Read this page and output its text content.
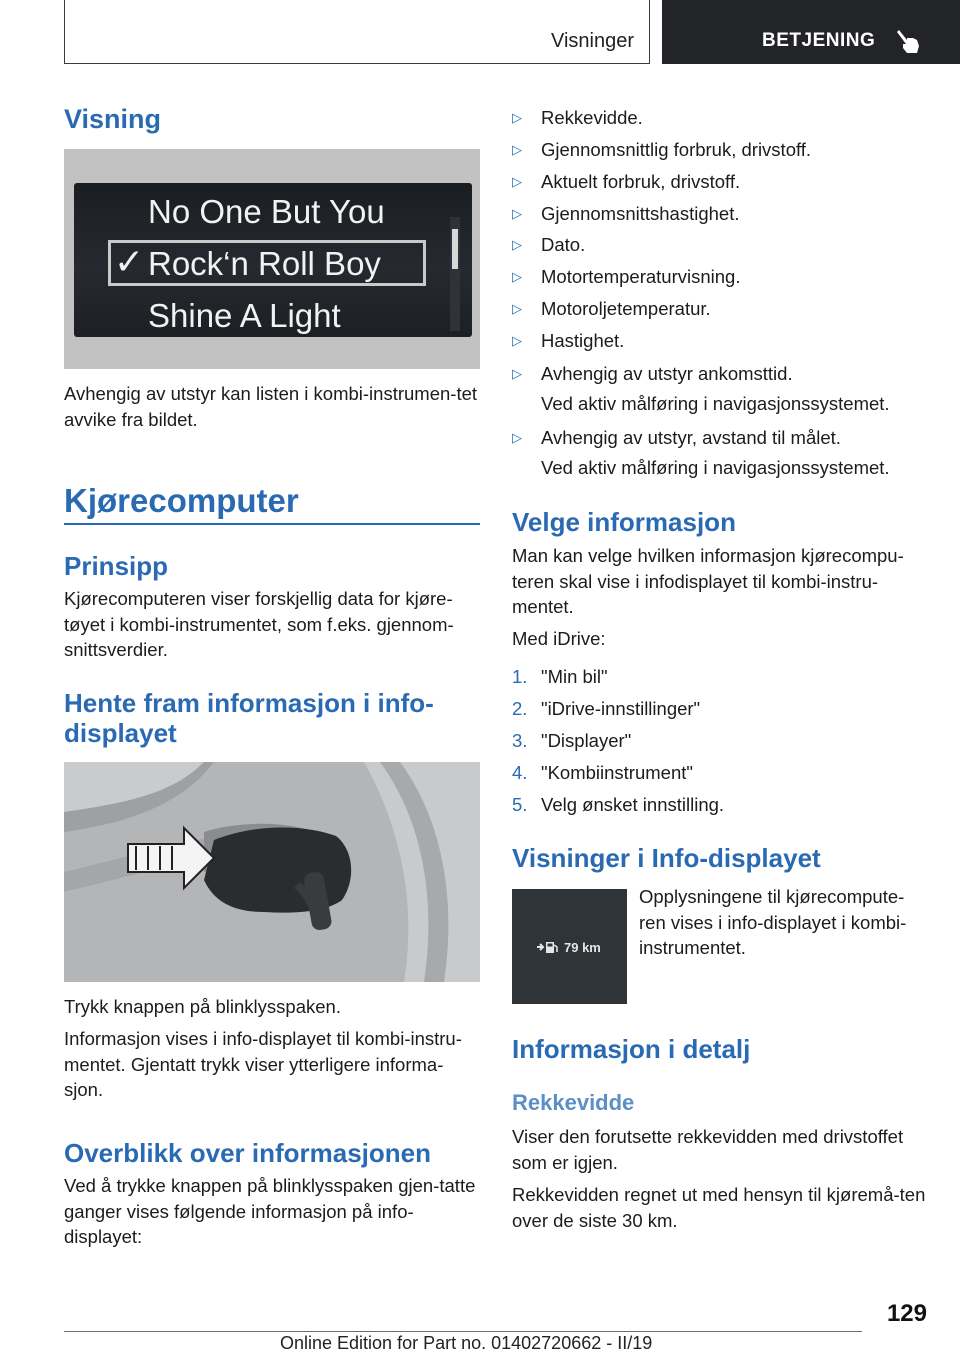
Visninger	BETJENING
Visning
No One But You
✓ Rock‘n Roll Boy
Shine A Light
Avhengig av utstyr kan listen i kombi-instrumen-tet avvike fra bildet.
Kjørecomputer
Prinsipp
Kjørecomputeren viser forskjellig data for kjøre-tøyet i kombi-instrumentet, som f.eks. gjennom-snittsverdier.
Hente fram informasjon i info-displayet
Trykk knappen på blinklysspaken.
Informasjon vises i info-displayet til kombi-instru-mentet. Gjentatt trykk viser ytterligere informa-sjon.
Overblikk over informasjonen
Ved å trykke knappen på blinklysspaken gjen-tatte ganger vises følgende informasjon på info-displayet:
▷ Rekkevidde.
▷ Gjennomsnittlig forbruk, drivstoff.
▷ Aktuelt forbruk, drivstoff.
▷ Gjennomsnittshastighet.
▷ Dato.
▷ Motortemperaturvisning.
▷ Motoroljetemperatur.
▷ Hastighet.
▷ Avhengig av utstyr ankomsttid.
Ved aktiv målføring i navigasjonssystemet.
▷ Avhengig av utstyr, avstand til målet.
Ved aktiv målføring i navigasjonssystemet.
Velge informasjon
Man kan velge hvilken informasjon kjørecompu-teren skal vise i infodisplayet til kombi-instru-mentet.
Med iDrive:
1. "Min bil"
2. "iDrive-innstillinger"
3. "Displayer"
4. "Kombiinstrument"
5. Velg ønsket innstilling.
Visninger i Info-displayet
79 km
Opplysningene til kjørecompute-ren vises i info-displayet i kombi-instrumentet.
Informasjon i detalj
Rekkevidde
Viser den forutsette rekkevidden med drivstoffet som er igjen.
Rekkevidden regnet ut med hensyn til kjøremå-ten over de siste 30 km.
129
Online Edition for Part no. 01402720662 - II/19
